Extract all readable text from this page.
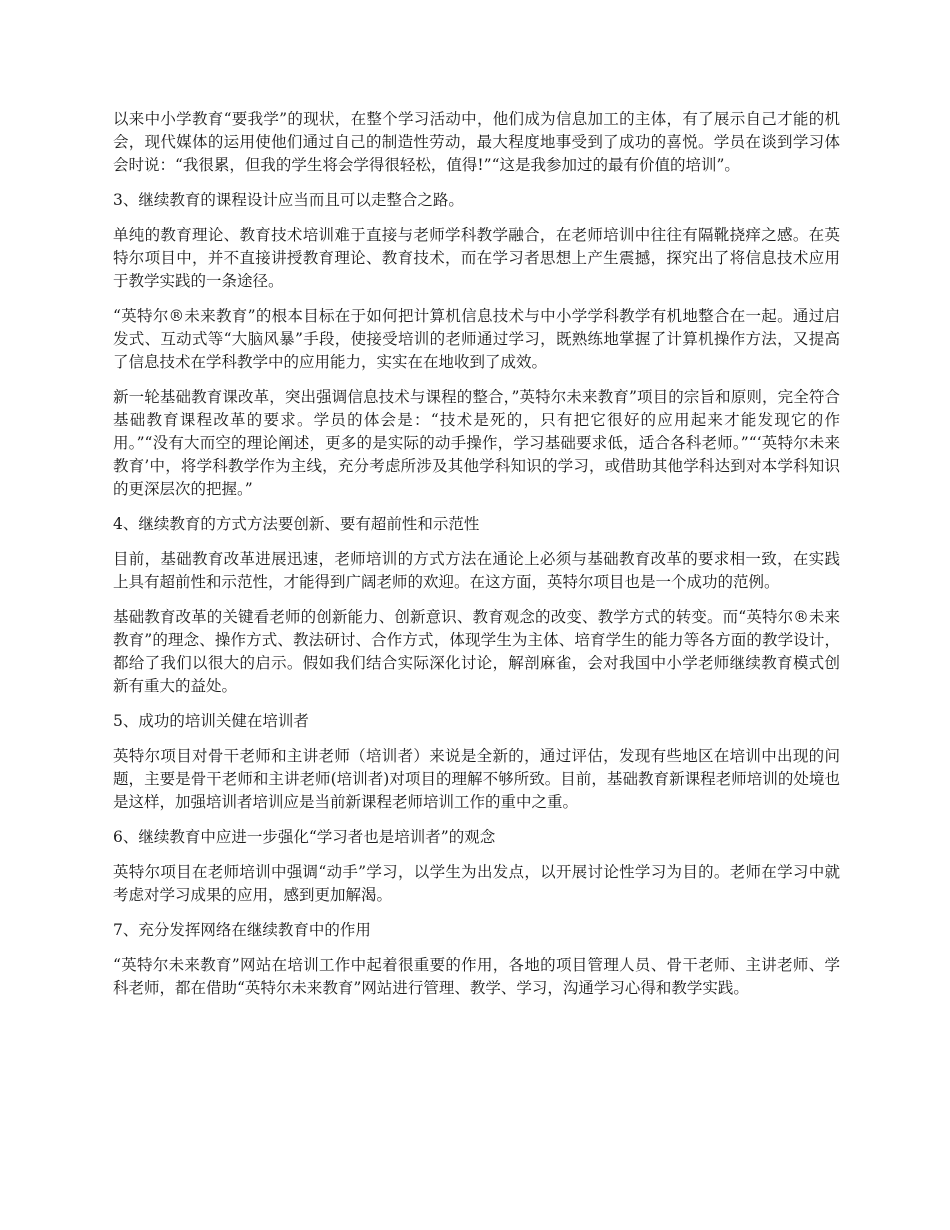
以来中小学教育“要我学”的现状，在整个学习活动中，他们成为信息加工的主体，有了展示自己才能的机会，现代媒体的运用使他们通过自己的制造性劳动，最大程度地事受到了成功的喜悦。学员在谈到学习体会时说：“我很累，但我的学生将会学得很轻松，值得!”“这是我参加过的最有价值的培训”。

3、继续教育的课程设计应当而且可以走整合之路。

单纯的教育理论、教育技术培训难于直接与老师学科教学融合，在老师培训中往往有隔靴挠痒之感。在英特尔项目中，并不直接讲授教育理论、教育技术，而在学习者思想上产生震撼，探究出了将信息技术应用于教学实践的一条途径。

“英特尔®未来教育”的根本目标在于如何把计算机信息技术与中小学学科教学有机地整合在一起。通过启发式、互动式等“大脑风暴”手段，使接受培训的老师通过学习，既熟练地掌握了计算机操作方法，又提高了信息技术在学科教学中的应用能力，实实在在地收到了成效。

新一轮基础教育课改革，突出强调信息技术与课程的整合，”英特尔未来教育”项目的宗旨和原则，完全符合基础教育课程改革的要求。学员的体会是：“技术是死的，只有把它很好的应用起来才能发现它的作用。”“没有大而空的理论阐述，更多的是实际的动手操作，学习基础要求低，适合各科老师。”“‘英特尔未来教育’中，将学科教学作为主线，充分考虑所涉及其他学科知识的学习，或借助其他学科达到对本学科知识的更深层次的把握。”

4、继续教育的方式方法要创新、要有超前性和示范性

目前，基础教育改革进展迅速，老师培训的方式方法在通论上必须与基础教育改革的要求相一致，在实践上具有超前性和示范性，才能得到广阔老师的欢迎。在这方面，英特尔项目也是一个成功的范例。

基础教育改革的关键看老师的创新能力、创新意识、教育观念的改变、教学方式的转变。而“英特尔®未来教育”的理念、操作方式、教法研讨、合作方式，体现学生为主体、培育学生的能力等各方面的教学设计，都给了我们以很大的启示。假如我们结合实际深化讨论，解剖麻雀，会对我国中小学老师继续教育模式创新有重大的益处。

5、成功的培训关健在培训者

英特尔项目对骨干老师和主讲老师（培训者）来说是全新的，通过评估，发现有些地区在培训中出现的问题，主要是骨干老师和主讲老师(培训者)对项目的理解不够所致。目前，基础教育新课程老师培训的处境也是这样，加强培训者培训应是当前新课程老师培训工作的重中之重。

6、继续教育中应进一步强化“学习者也是培训者”的观念

英特尔项目在老师培训中强调“动手”学习，以学生为出发点，以开展讨论性学习为目的。老师在学习中就考虑对学习成果的应用，感到更加解渴。

7、充分发挥网络在继续教育中的作用

“英特尔未来教育”网站在培训工作中起着很重要的作用，各地的项目管理人员、骨干老师、主讲老师、学科老师，都在借助“英特尔未来教育”网站进行管理、教学、学习，沟通学习心得和教学实践。
